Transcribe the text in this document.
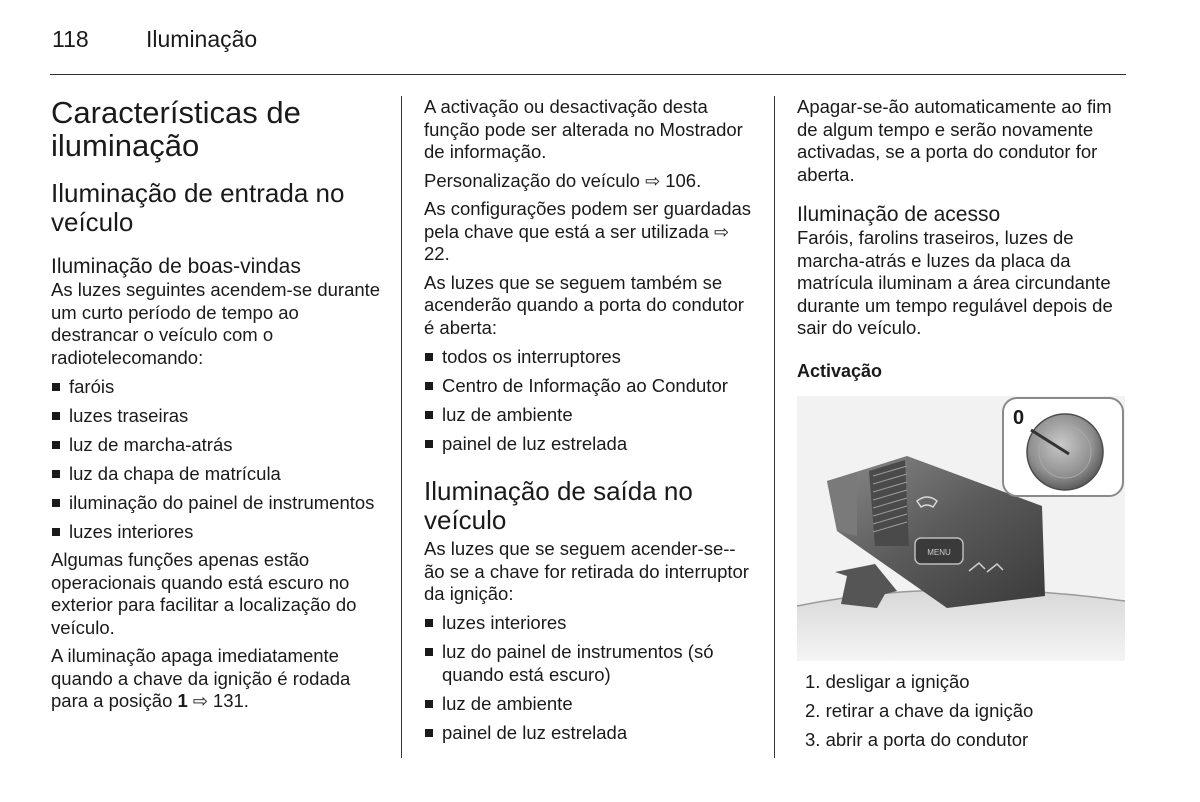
118 Iluminação
Características de iluminação
Iluminação de entrada no veículo
Iluminação de boas-vindas

As luzes seguintes acendem-se durante um curto período de tempo ao destrancar o veículo com o radiotelecomando:

faróis
luzes traseiras
luz de marcha-atrás
luz da chapa de matrícula
iluminação do painel de instrumentos
luzes interiores

Algumas funções apenas estão operacionais quando está escuro no exterior para facilitar a localização do veículo.

A iluminação apaga imediatamente quando a chave da ignição é rodada para a posição 1 ⇨ 131.

A activação ou desactivação desta função pode ser alterada no Mostrador de informação.

Personalização do veículo ⇨ 106.

As configurações podem ser guardadas pela chave que está a ser utilizada ⇨ 22.

As luzes que se seguem também se acenderão quando a porta do condutor é aberta:

todos os interruptores
Centro de Informação ao Condutor
luz de ambiente
painel de luz estrelada
Iluminação de saída no veículo

As luzes que se seguem acender-se--ão se a chave for retirada do interruptor da ignição:

luzes interiores
luz do painel de instrumentos (só quando está escuro)
luz de ambiente
painel de luz estrelada

Apagar-se-ão automaticamente ao fim de algum tempo e serão novamente activadas, se a porta do condutor for aberta.

Iluminação de acesso

Faróis, farolins traseiros, luzes de marcha-atrás e luzes da placa da matrícula iluminam a área circundante durante um tempo regulável depois de sair do veículo.

Activação
MENU
0
1. desligar a ignição
2. retirar a chave da ignição
3. abrir a porta do condutor
